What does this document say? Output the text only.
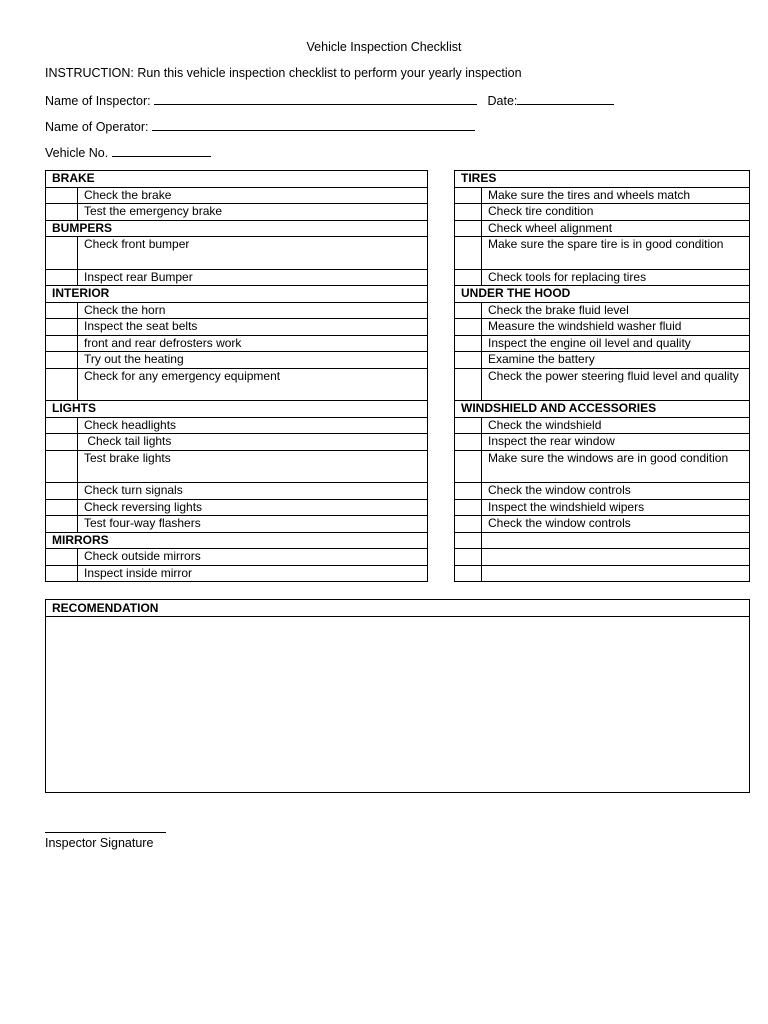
Vehicle Inspection Checklist
INSTRUCTION: Run this vehicle inspection checklist to perform your yearly inspection
Name of Inspector:	Date:
Name of Operator:
Vehicle No.
BRAKE	
	Check the brake
	Test the emergency brake
BUMPERS	
	Check front bumper
	Inspect rear Bumper
INTERIOR	
	Check the horn
	Inspect the seat belts
	front and rear defrosters work
	Try out the heating
	Check for any emergency equipment
LIGHTS	
	Check headlights
	Check tail lights
	Test brake lights
	Check turn signals
	Check reversing lights
	Test four-way flashers
MIRRORS	
	Check outside mirrors
	Inspect inside mirror
TIRES	
	Make sure the tires and wheels match
	Check tire condition
	Check wheel alignment
	Make sure the spare tire is in good condition
	Check tools for replacing tires
UNDER THE HOOD	
	Check the brake fluid level
	Measure the windshield washer fluid
	Inspect the engine oil level and quality
	Examine the battery
	Check the power steering fluid level and quality
WINDSHIELD AND ACCESSORIES	
	Check the windshield
	Inspect the rear window
	Make sure the windows are in good condition
	Check the window controls
	Inspect the windshield wipers
	Check the window controls

RECOMENDATION
Inspector Signature
